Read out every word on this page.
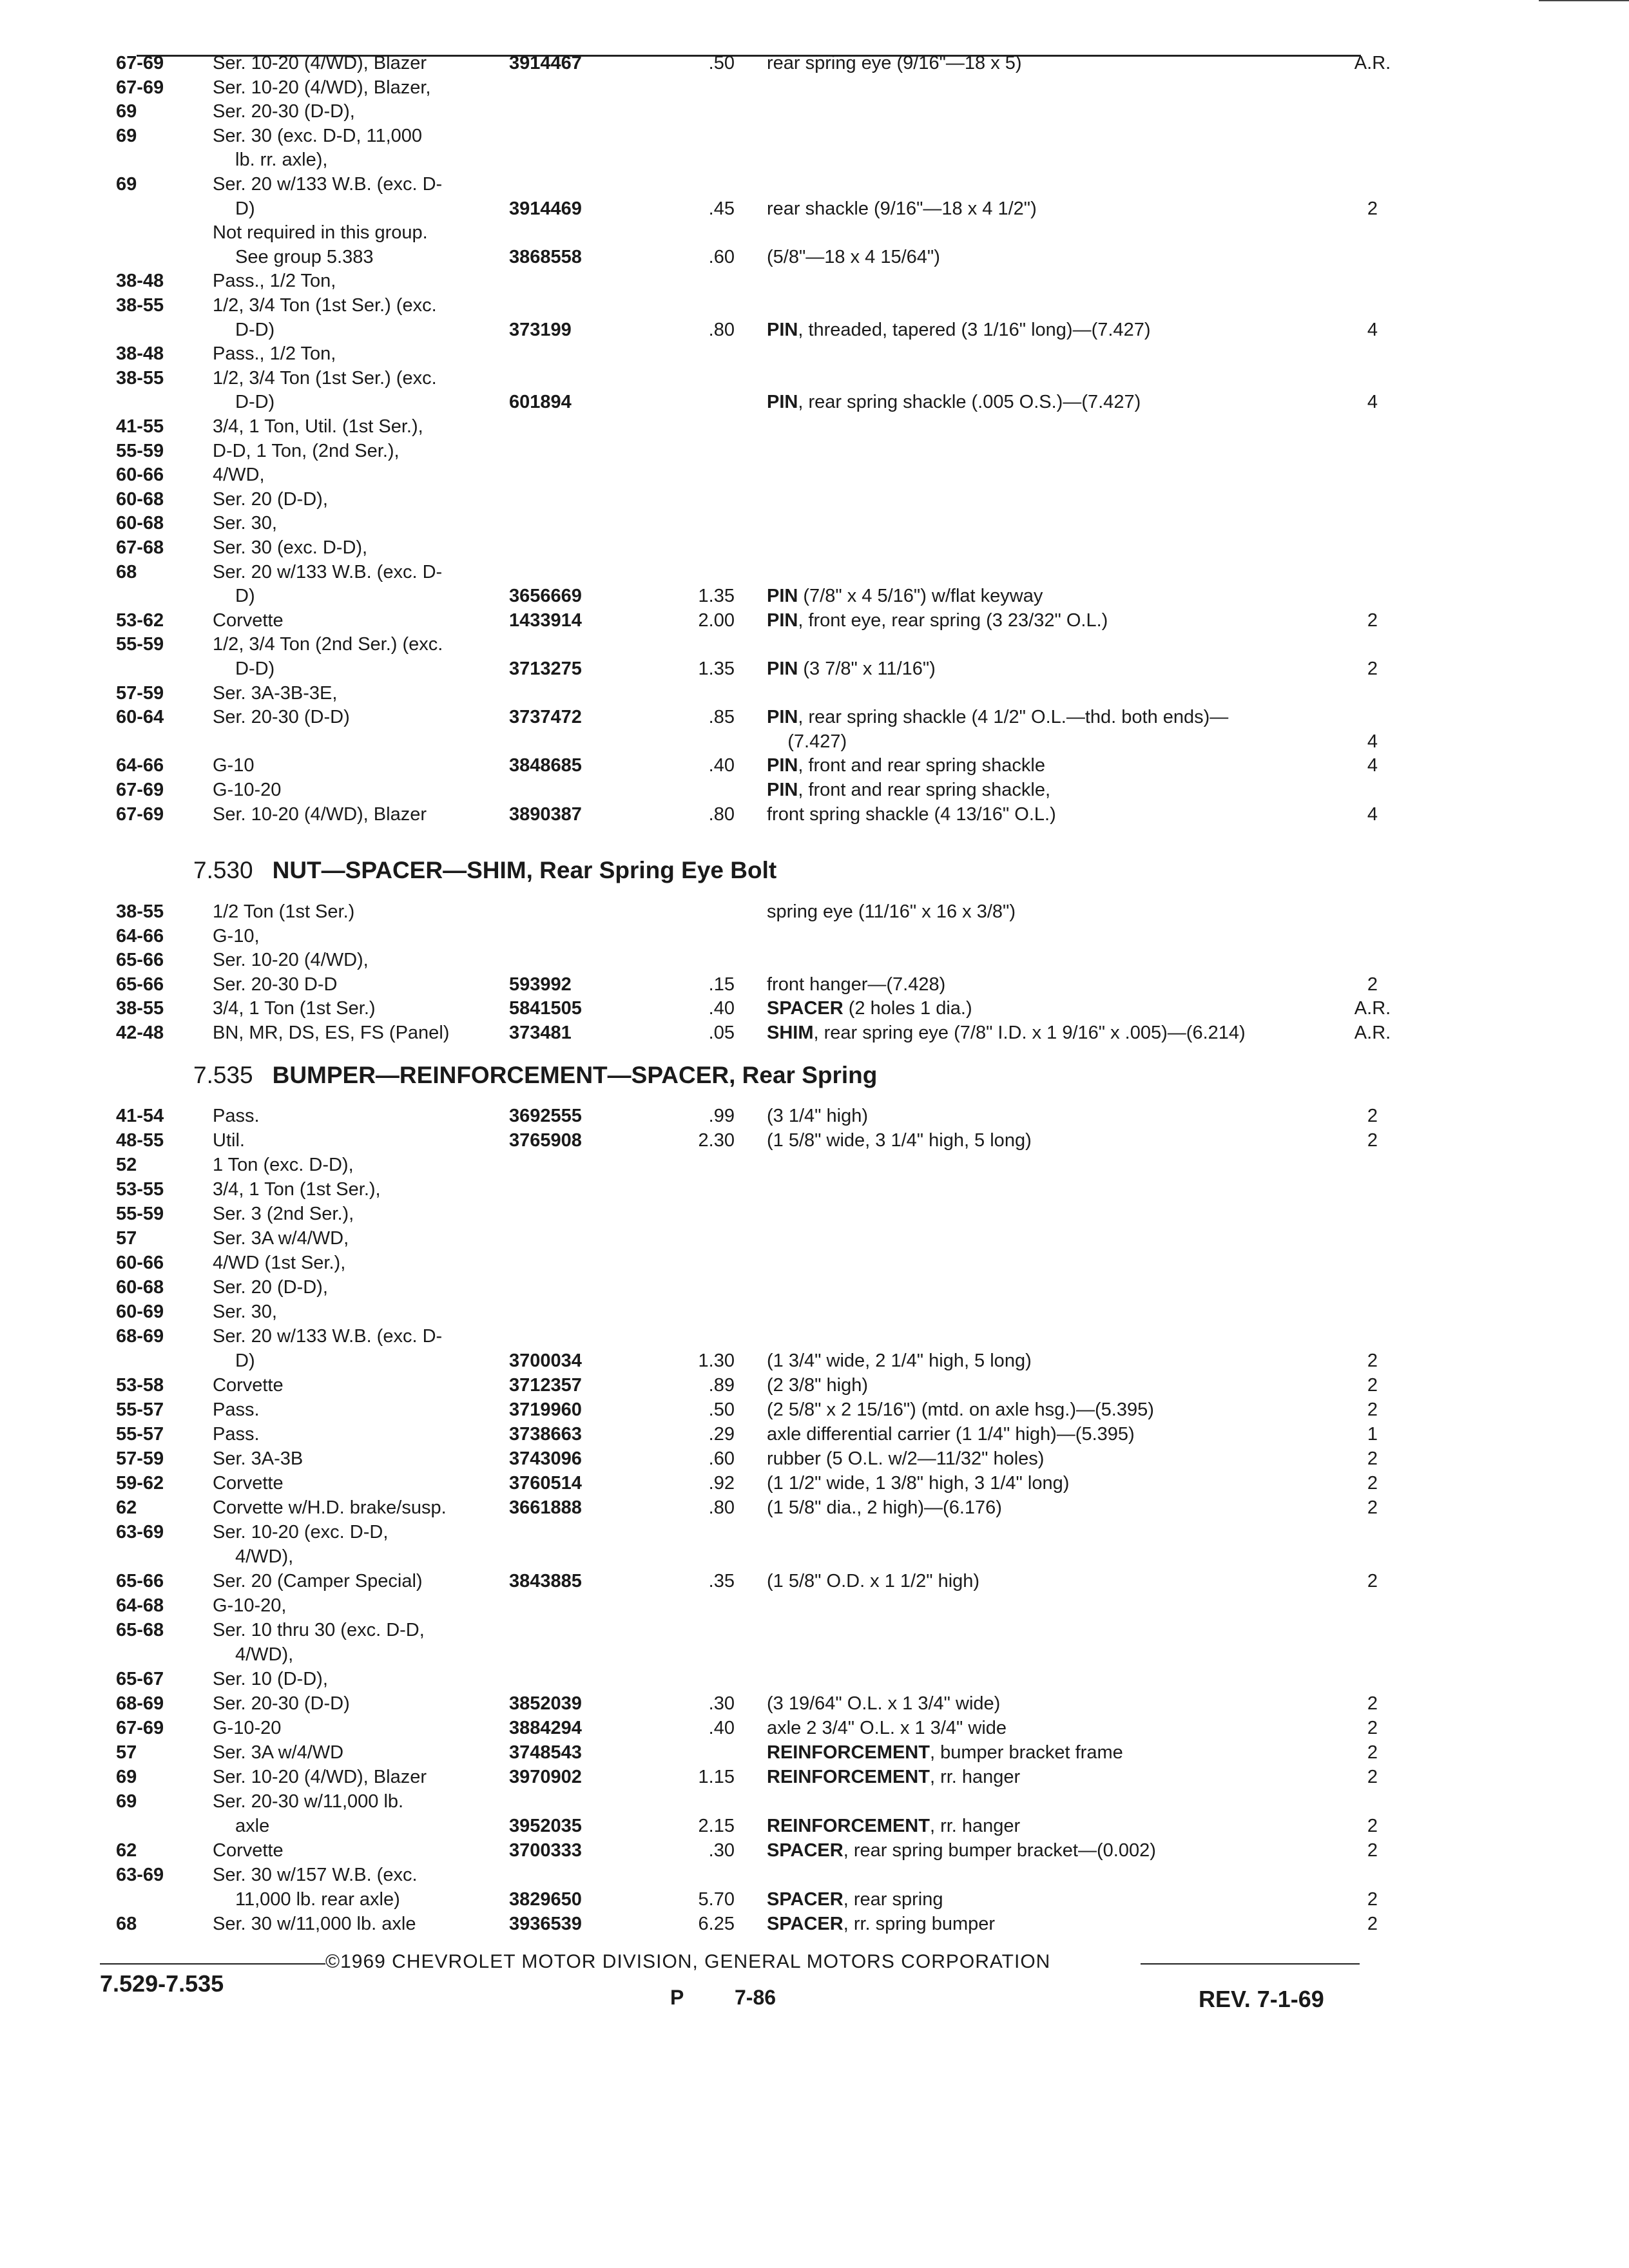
67-69	Ser. 10-20 (4/WD), Blazer	3914467	.50 rear spring eye (9/16"—18 x 5)	A.R.
67-69	Ser. 10-20 (4/WD), Blazer,
69	Ser. 20-30 (D-D),
69	Ser. 30 (exc. D-D, 11,000
lb. rr. axle),
69	Ser. 20 w/133 W.B. (exc. D-
D)	3914469	.45 rear shackle (9/16"—18 x 4 1/2")	2
Not required in this group.
See group 5.383	3868558	.60 (5/8"—18 x 4 15/64")
38-48	Pass., 1/2 Ton,
38-55	1/2, 3/4 Ton (1st Ser.) (exc.
D-D)	373199	.80 PIN, threaded, tapered (3 1/16" long)—(7.427)	4
38-48	Pass., 1/2 Ton,
38-55	1/2, 3/4 Ton (1st Ser.) (exc.
D-D)	601894	PIN, rear spring shackle (.005 O.S.)—(7.427)	4
41-55	3/4, 1 Ton, Util. (1st Ser.),
55-59	D-D, 1 Ton, (2nd Ser.),
60-66	4/WD,
60-68	Ser. 20 (D-D),
60-68	Ser. 30,
67-68	Ser. 30 (exc. D-D),
68	Ser. 20 w/133 W.B. (exc. D-
D)	3656669	1.35 PIN (7/8" x 4 5/16") w/flat keyway
53-62	Corvette	1433914	2.00 PIN, front eye, rear spring (3 23/32" O.L.)	2
55-59	1/2, 3/4 Ton (2nd Ser.) (exc.
D-D)	3713275	1.35 PIN (3 7/8" x 11/16")	2
57-59	Ser. 3A-3B-3E,
60-64	Ser. 20-30 (D-D)	3737472	.85 PIN, rear spring shackle (4 1/2" O.L.—thd. both ends)—
(7.427)	4
64-66	G-10	3848685	.40 PIN, front and rear spring shackle	4
67-69	G-10-20	PIN, front and rear spring shackle,
67-69	Ser. 10-20 (4/WD), Blazer	3890387	.80 front spring shackle (4 13/16" O.L.)	4
7.530 NUT—SPACER—SHIM, Rear Spring Eye Bolt
38-55	1/2 Ton (1st Ser.)	spring eye (11/16" x 16 x 3/8")
64-66	G-10,
65-66	Ser. 10-20 (4/WD),
65-66	Ser. 20-30 D-D	593992	.15 front hanger—(7.428)	2
38-55	3/4, 1 Ton (1st Ser.)	5841505	.40 SPACER (2 holes 1 dia.)	A.R.
42-48	BN, MR, DS, ES, FS (Panel)	373481	.05 SHIM, rear spring eye (7/8" I.D. x 1 9/16" x .005)—(6.214)	A.R.
7.535 BUMPER—REINFORCEMENT—SPACER, Rear Spring
41-54	Pass.	3692555	.99 (3 1/4" high)	2
48-55	Util.	3765908	2.30 (1 5/8" wide, 3 1/4" high, 5 long)	2
52	1 Ton (exc. D-D),
53-55	3/4, 1 Ton (1st Ser.),
55-59	Ser. 3 (2nd Ser.),
57	Ser. 3A w/4/WD,
60-66	4/WD (1st Ser.),
60-68	Ser. 20 (D-D),
60-69	Ser. 30,
68-69	Ser. 20 w/133 W.B. (exc. D-
D)	3700034	1.30 (1 3/4" wide, 2 1/4" high, 5 long)	2
53-58	Corvette	3712357	.89 (2 3/8" high)	2
55-57	Pass.	3719960	.50 (2 5/8" x 2 15/16") (mtd. on axle hsg.)—(5.395)	2
55-57	Pass.	3738663	.29 axle differential carrier (1 1/4" high)—(5.395)	1
57-59	Ser. 3A-3B	3743096	.60 rubber (5 O.L. w/2—11/32" holes)	2
59-62	Corvette	3760514	.92 (1 1/2" wide, 1 3/8" high, 3 1/4" long)	2
62	Corvette w/H.D. brake/susp.	3661888	.80 (1 5/8" dia., 2 high)—(6.176)	2
63-69	Ser. 10-20 (exc. D-D,
4/WD),
65-66	Ser. 20 (Camper Special)	3843885	.35 (1 5/8" O.D. x 1 1/2" high)	2
64-68	G-10-20,
65-68	Ser. 10 thru 30 (exc. D-D,
4/WD),
65-67	Ser. 10 (D-D),
68-69	Ser. 20-30 (D-D)	3852039	.30 (3 19/64" O.L. x 1 3/4" wide)	2
67-69	G-10-20	3884294	.40 axle 2 3/4" O.L. x 1 3/4" wide	2
57	Ser. 3A w/4/WD	3748543	REINFORCEMENT, bumper bracket frame	2
69	Ser. 10-20 (4/WD), Blazer	3970902	1.15 REINFORCEMENT, rr. hanger	2
69	Ser. 20-30 w/11,000 lb.
axle	3952035	2.15 REINFORCEMENT, rr. hanger	2
62	Corvette	3700333	.30 SPACER, rear spring bumper bracket—(0.002)	2
63-69	Ser. 30 w/157 W.B. (exc.
11,000 lb. rear axle)	3829650	5.70 SPACER, rear spring	2
68	Ser. 30 w/11,000 lb. axle	3936539	6.25 SPACER, rr. spring bumper	2
©1969 CHEVROLET MOTOR DIVISION, GENERAL MOTORS CORPORATION
7.529-7.535
P 7-86	REV. 7-1-69
